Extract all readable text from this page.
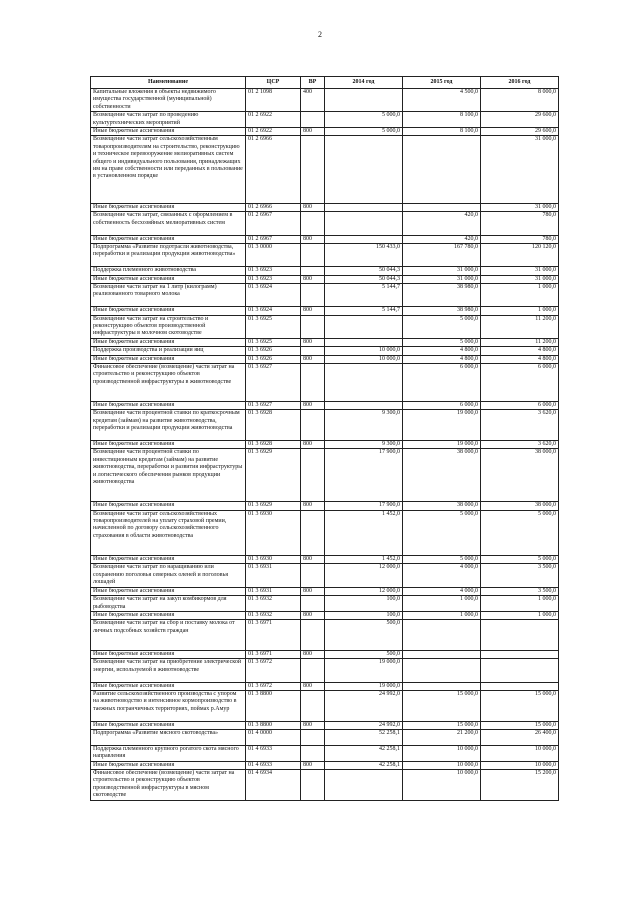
2
Наименование	ЦСР	ВР	2014 год	2015 год	2016 год
Капитальные вложения в объекты недвижимого имущества государственной (муниципальной) собственности	01 2 1098	400		4 500,0	8 000,0
Возмещение части затрат по проведению культуртехнических мероприятий	01 2 6922		5 000,0	8 100,0	29 600,0
Иные бюджетные ассигнования	01 2 6922	800	5 000,0	8 100,0	29 600,0
Возмещение части затрат сельскохозяйственным товаропроизводителям на строительство, реконструкцию и техническое перевооружение мелиоративных систем общего и индивидуального пользования, принадлежащих им на праве собственности или переданных в пользование в установленном порядке	01 2 6966				31 000,0
Иные бюджетные ассигнования	01 2 6966	800			31 000,0
Возмещение части затрат, связанных с оформлением в собственность бесхозяйных мелиоративных систем	01 2 6967			420,0	780,0
Иные бюджетные ассигнования	01 2 6967	800		420,0	780,0
Подпрограмма «Развитие подотрасли животноводства, переработки и реализации продукции животноводства»	01 3 0000		150 433,0	167 780,0	120 120,0
Поддержка племенного животноводства	01 3 6923		50 044,3	31 000,0	31 000,0
Иные бюджетные ассигнования	01 3 6923	800	50 044,3	31 000,0	31 000,0
Возмещение части затрат на 1 литр (килограмм) реализованного товарного молока	01 3 6924		5 144,7	38 980,0	1 000,0
Иные бюджетные ассигнования	01 3 6924	800	5 144,7	38 980,0	1 000,0
Возмещение части затрат на строительство и реконструкцию объектов производственной инфраструктуры в молочном скотоводстве	01 3 6925			5 000,0	11 200,0
Иные бюджетные ассигнования	01 3 6925	800		5 000,0	11 200,0
Поддержка производства и реализации яиц	01 3 6926		10 000,0	4 800,0	4 800,0
Иные бюджетные ассигнования	01 3 6926	800	10 000,0	4 800,0	4 800,0
Финансовое обеспечение (возмещение) части затрат на строительство и реконструкцию объектов производственной инфраструктуры в животноводстве	01 3 6927			6 000,0	6 000,0
Иные бюджетные ассигнования	01 3 6927	800		6 000,0	6 000,0
Возмещение части процентной ставки по краткосрочным кредитам (займам) на развитие животноводства, переработки и реализации продукции животноводства	01 3 6928		9 300,0	19 000,0	3 620,0
Иные бюджетные ассигнования	01 3 6928	800	9 300,0	19 000,0	3 620,0
Возмещение части процентной ставки по инвестиционным кредитам (займам) на развитие животноводства, переработки и развития инфраструктуры и логистического обеспечения рынков продукции животноводства	01 3 6929		17 900,0	38 000,0	38 000,0
Иные бюджетные ассигнования	01 3 6929	800	17 900,0	38 000,0	38 000,0
Возмещение части затрат сельскохозяйственных товаропроизводителей на уплату страховой премии, начисленной по договору сельскохозяйственного страхования в области животноводства	01 3 6930		1 452,0	5 000,0	5 000,0
Иные бюджетные ассигнования	01 3 6930	800	1 452,0	5 000,0	5 000,0
Возмещение части затрат по наращиванию или сохранению поголовья северных оленей и поголовья лошадей	01 3 6931		12 000,0	4 000,0	3 500,0
Иные бюджетные ассигнования	01 3 6931	800	12 000,0	4 000,0	3 500,0
Возмещение части затрат на закуп комбикормов для рыбоводства	01 3 6932		100,0	1 000,0	1 000,0
Иные бюджетные ассигнования	01 3 6932	800	100,0	1 000,0	1 000,0
Возмещение части затрат на сбор и поставку молока от личных подсобных хозяйств граждан	01 3 6971		500,0		
Иные бюджетные ассигнования	01 3 6971	800	500,0		
Возмещение части затрат на приобретение электрической энергии, используемой в животноводстве	01 3 6972		19 000,0		
Иные бюджетные ассигнования	01 3 6972	800	19 000,0		
Развитие сельскохозяйственного производства с упором на животноводство и интенсивное кормопроизводство в таежных погранчичных территориях, поймах р.Амур	01 3 8800		24 992,0	15 000,0	15 000,0
Иные бюджетные ассигнования	01 3 8800	800	24 992,0	15 000,0	15 000,0
Подпрограмма «Развитие мясного скотоводства»	01 4 0000		52 258,1	21 200,0	26 400,0
Поддержка племенного крупного рогатого скота мясного направления	01 4 6933		42 258,1	10 000,0	10 000,0
Иные бюджетные ассигнования	01 4 6933	800	42 258,1	10 000,0	10 000,0
Финансовое обеспечение (возмещение) части затрат на строительство и реконструкцию объектов производственной инфраструктуры в мясном скотоводстве	01 4 6934			10 000,0	15 200,0
